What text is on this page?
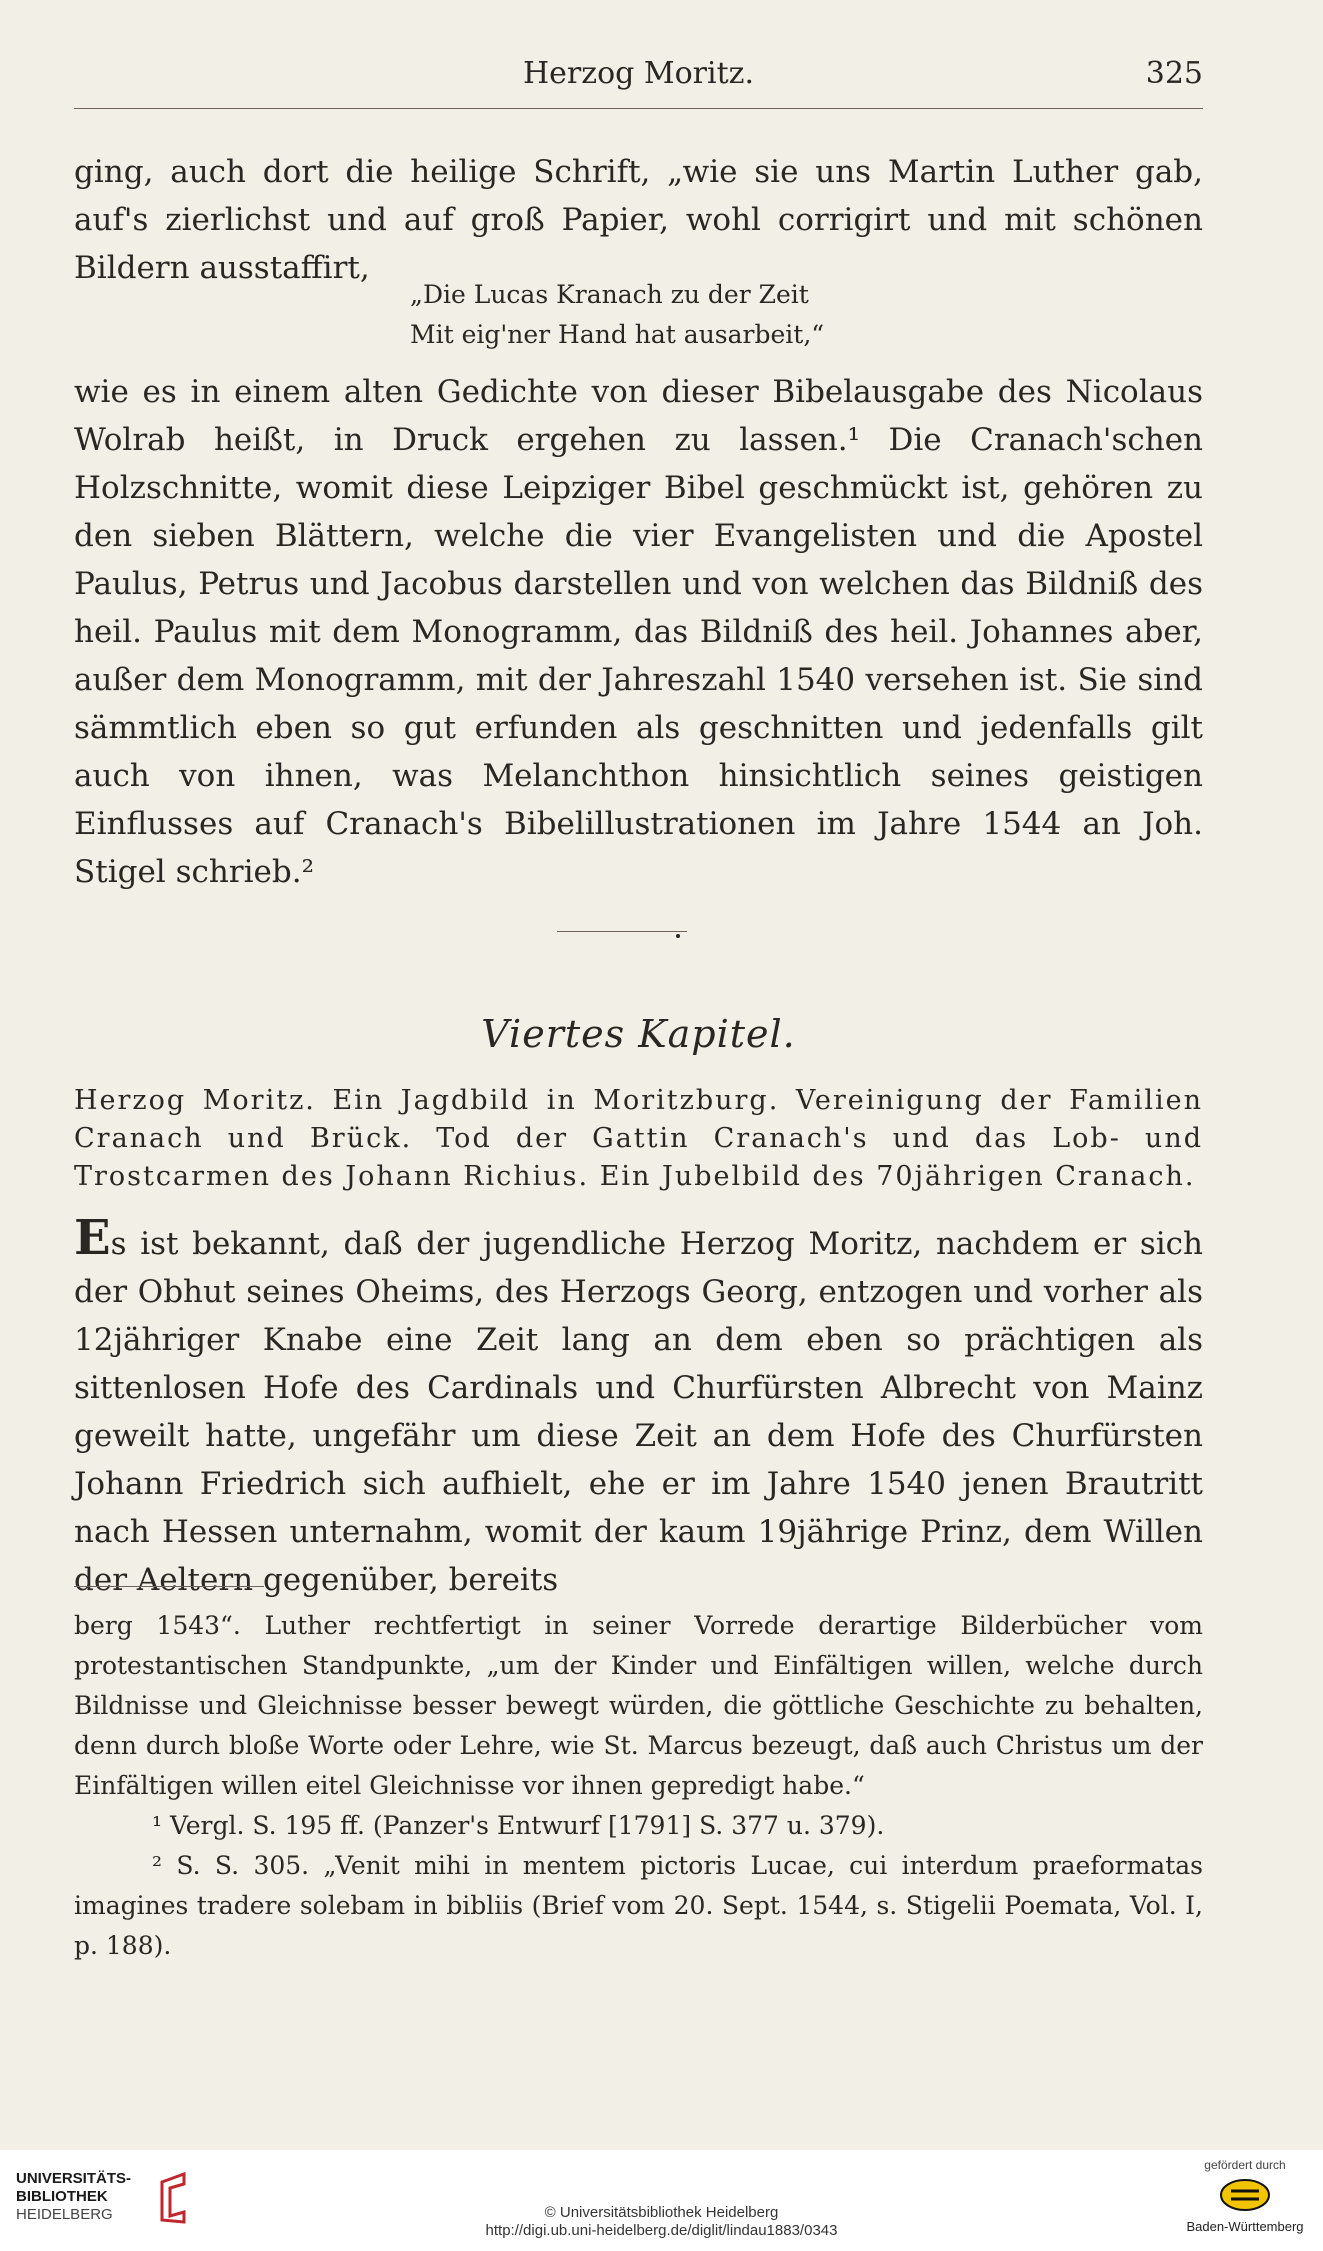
Herzog Moritz.	325

ging, auch dort die heilige Schrift, „wie sie uns Martin Luther gab, auf's zierlichst und auf groß Papier, wohl corrigirt und mit schönen Bildern ausstaffirt,

„Die Lucas Kranach zu der Zeit
Mit eig'ner Hand hat ausarbeit,“

wie es in einem alten Gedichte von dieser Bibelausgabe des Nicolaus Wolrab heißt, in Druck ergehen zu lassen.¹ Die Cranach'schen Holzschnitte, womit diese Leipziger Bibel geschmückt ist, gehören zu den sieben Blättern, welche die vier Evangelisten und die Apostel Paulus, Petrus und Jacobus darstellen und von welchen das Bildniß des heil. Paulus mit dem Monogramm, das Bildniß des heil. Johannes aber, außer dem Monogramm, mit der Jahreszahl 1540 versehen ist. Sie sind sämmtlich eben so gut erfunden als geschnitten und jedenfalls gilt auch von ihnen, was Melanchthon hinsichtlich seines geistigen Einflusses auf Cranach's Bibelillustrationen im Jahre 1544 an Joh. Stigel schrieb.²

Viertes Kapitel.
Herzog Moritz. Ein Jagdbild in Moritzburg. Vereinigung der Familien Cranach und Brück. Tod der Gattin Cranach's und das Lob- und Trostcarmen des Johann Richius. Ein Jubelbild des 70jährigen Cranach.

Es ist bekannt, daß der jugendliche Herzog Moritz, nachdem er sich der Obhut seines Oheims, des Herzogs Georg, entzogen und vorher als 12jähriger Knabe eine Zeit lang an dem eben so prächtigen als sittenlosen Hofe des Cardinals und Churfürsten Albrecht von Mainz geweilt hatte, ungefähr um diese Zeit an dem Hofe des Churfürsten Johann Friedrich sich aufhielt, ehe er im Jahre 1540 jenen Brautritt nach Hessen unternahm, womit der kaum 19jährige Prinz, dem Willen der Aeltern gegenüber, bereits

berg 1543“. Luther rechtfertigt in seiner Vorrede derartige Bilderbücher vom protestantischen Standpunkte, „um der Kinder und Einfältigen willen, welche durch Bildnisse und Gleichnisse besser bewegt würden, die göttliche Geschichte zu behalten, denn durch bloße Worte oder Lehre, wie St. Marcus bezeugt, daß auch Christus um der Einfältigen willen eitel Gleichnisse vor ihnen gepredigt habe.“

¹ Vergl. S. 195 ff. (Panzer's Entwurf [1791] S. 377 u. 379).

² S. S. 305. „Venit mihi in mentem pictoris Lucae, cui interdum praeformatas imagines tradere solebam in bibliis (Brief vom 20. Sept. 1544, s. Stigelii Poemata, Vol. I, p. 188).

UNIVERSITÄTS-
BIBLIOTHEK
HEIDELBERG	© Universitätsbibliothek Heidelberg
http://digi.ub.uni-heidelberg.de/diglit/lindau1883/0343
gefördert durch
Baden-Württemberg
